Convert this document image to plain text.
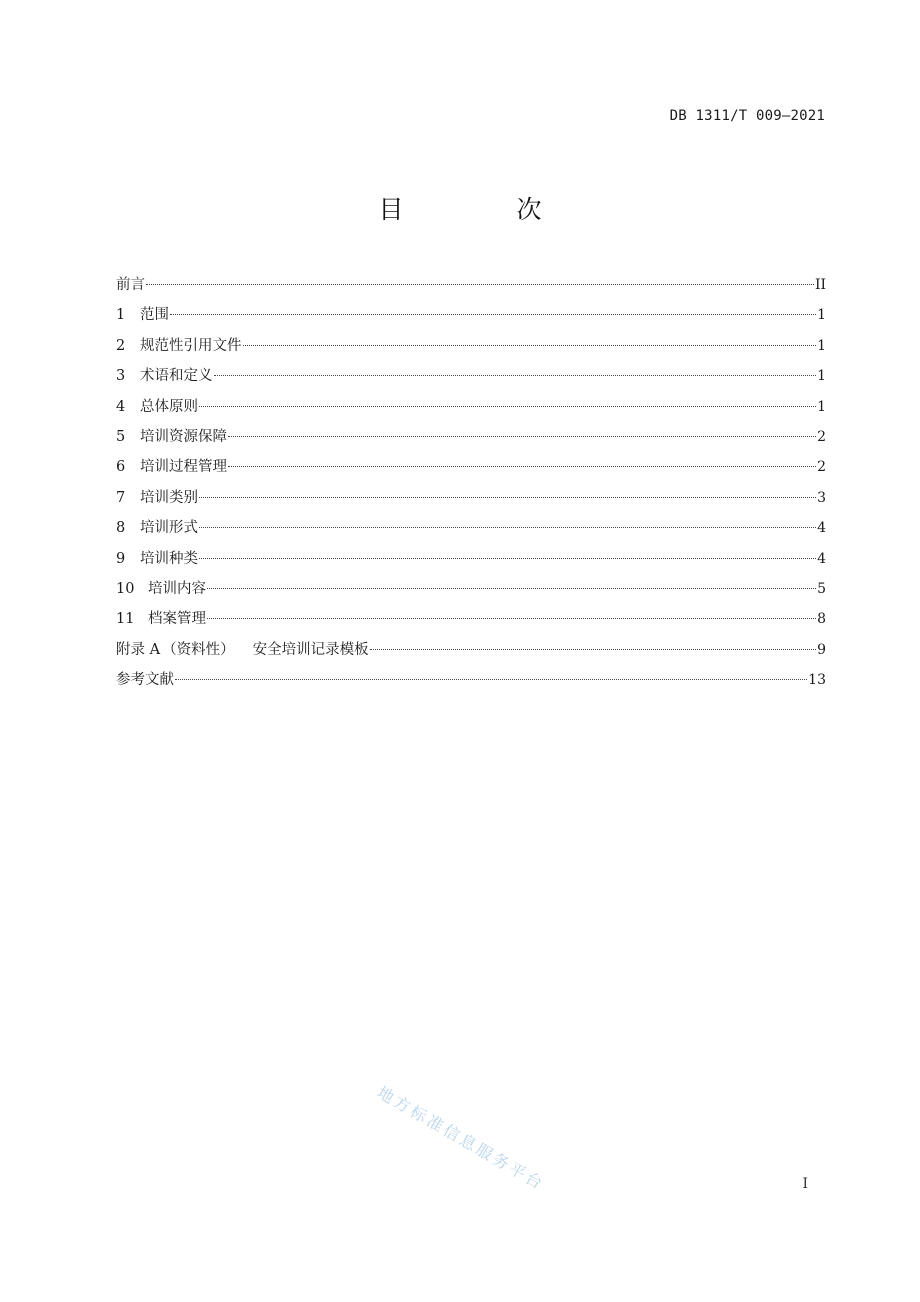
DB 1311/T 009—2021
目　次
前言	II
1 范围	1
2 规范性引用文件	1
3 术语和定义	1
4 总体原则	1
5 培训资源保障	2
6 培训过程管理	2
7 培训类别	3
8 培训形式	4
9 培训种类	4
10 培训内容	5
11 档案管理	8
附录 A （资料性） 安全培训记录模板	9
参考文献	13
地方标准信息服务平台	I
